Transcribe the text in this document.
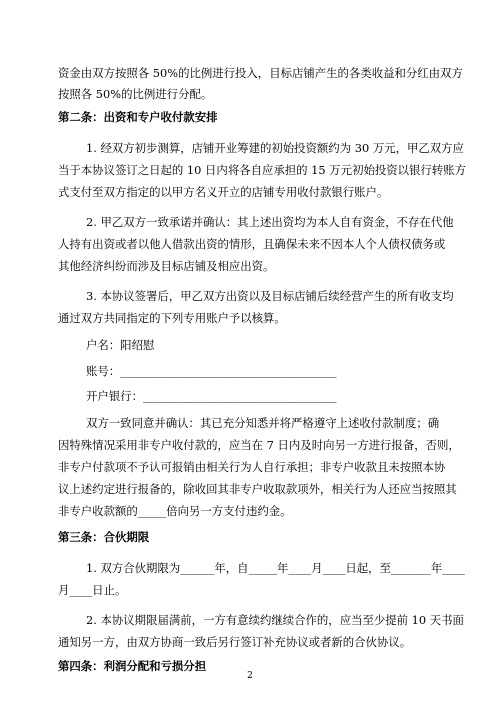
资金由双方按照各 50%的比例进行投入，目标店铺产生的各类收益和分红由双方
按照各 50%的比例进行分配。
第二条：出资和专户收付款安排
1. 经双方初步测算，店铺开业筹建的初始投资额约为 30 万元，甲乙双方应
当于本协议签订之日起的 10 日内将各自应承担的 15 万元初始投资以银行转账方
式支付至双方指定的以甲方名义开立的店铺专用收付款银行账户。
2. 甲乙双方一致承诺并确认：其上述出资均为本人自有资金，不存在代他
人持有出资或者以他人借款出资的情形，且确保未来不因本人个人债权债务或
其他经济纠纷而涉及目标店铺及相应出资。
3. 本协议签署后，甲乙双方出资以及目标店铺后续经营产生的所有收支均
通过双方共同指定的下列专用账户予以核算。
户名：阳绍慰
账号：______________________________________
开户银行：__________________________________
双方一致同意并确认：其已充分知悉并将严格遵守上述收付款制度；确
因特殊情况采用非专户收付款的，应当在 7 日内及时向另一方进行报备，否则，
非专户付款项不予认可报销由相关行为人自行承担；非专户收款且未按照本协
议上述约定进行报备的，除收回其非专户收取款项外，相关行为人还应当按照其
非专户收款额的_____倍向另一方支付违约金。
第三条：合伙期限
1. 双方合伙期限为______年，自_____年____月____日起，至_______年____
月____日止。
2. 本协议期限届满前，一方有意续约继续合作的，应当至少提前 10 天书面
通知另一方，由双方协商一致后另行签订补充协议或者新的合伙协议。
第四条：利润分配和亏损分担
2
